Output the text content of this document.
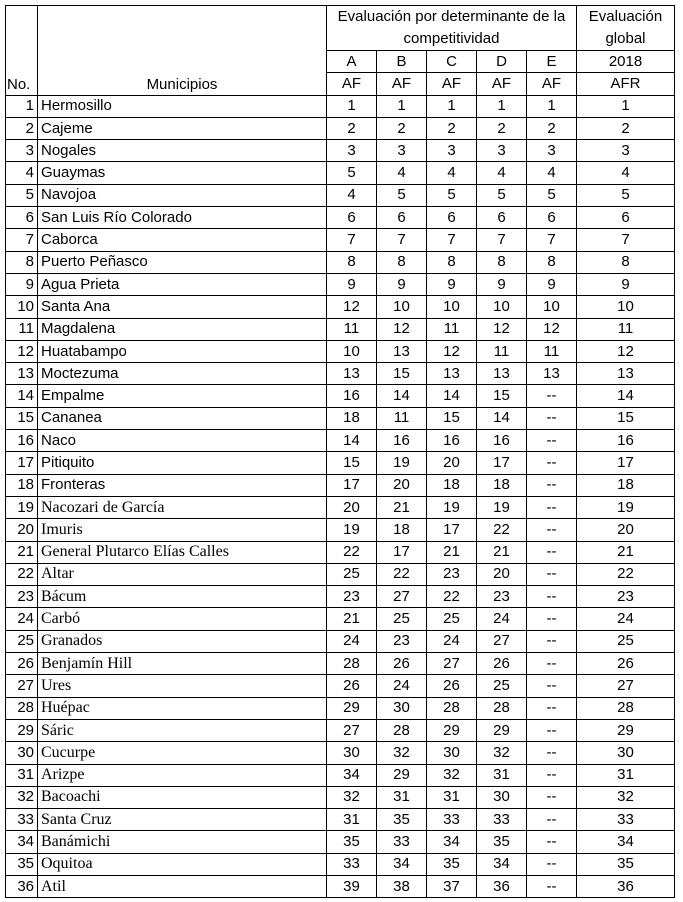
No.	Municipios	Evaluación por determinante de la competitividad					Evaluación global
		A	B	C	D	E	2018
		AF	AF	AF	AF	AF	AFR
1	Hermosillo	1	1	1	1	1	1
2	Cajeme	2	2	2	2	2	2
3	Nogales	3	3	3	3	3	3
4	Guaymas	5	4	4	4	4	4
5	Navojoa	4	5	5	5	5	5
6	San Luis Río Colorado	6	6	6	6	6	6
7	Caborca	7	7	7	7	7	7
8	Puerto Peñasco	8	8	8	8	8	8
9	Agua Prieta	9	9	9	9	9	9
10	Santa Ana	12	10	10	10	10	10
11	Magdalena	11	12	11	12	12	11
12	Huatabampo	10	13	12	11	11	12
13	Moctezuma	13	15	13	13	13	13
14	Empalme	16	14	14	15	--	14
15	Cananea	18	11	15	14	--	15
16	Naco	14	16	16	16	--	16
17	Pitiquito	15	19	20	17	--	17
18	Fronteras	17	20	18	18	--	18
19	Nacozari de García	20	21	19	19	--	19
20	Imuris	19	18	17	22	--	20
21	General Plutarco Elías Calles	22	17	21	21	--	21
22	Altar	25	22	23	20	--	22
23	Bácum	23	27	22	23	--	23
24	Carbó	21	25	25	24	--	24
25	Granados	24	23	24	27	--	25
26	Benjamín Hill	28	26	27	26	--	26
27	Ures	26	24	26	25	--	27
28	Huépac	29	30	28	28	--	28
29	Sáric	27	28	29	29	--	29
30	Cucurpe	30	32	30	32	--	30
31	Arizpe	34	29	32	31	--	31
32	Bacoachi	32	31	31	30	--	32
33	Santa Cruz	31	35	33	33	--	33
34	Banámichi	35	33	34	35	--	34
35	Oquitoa	33	34	35	34	--	35
36	Atil	39	38	37	36	--	36
